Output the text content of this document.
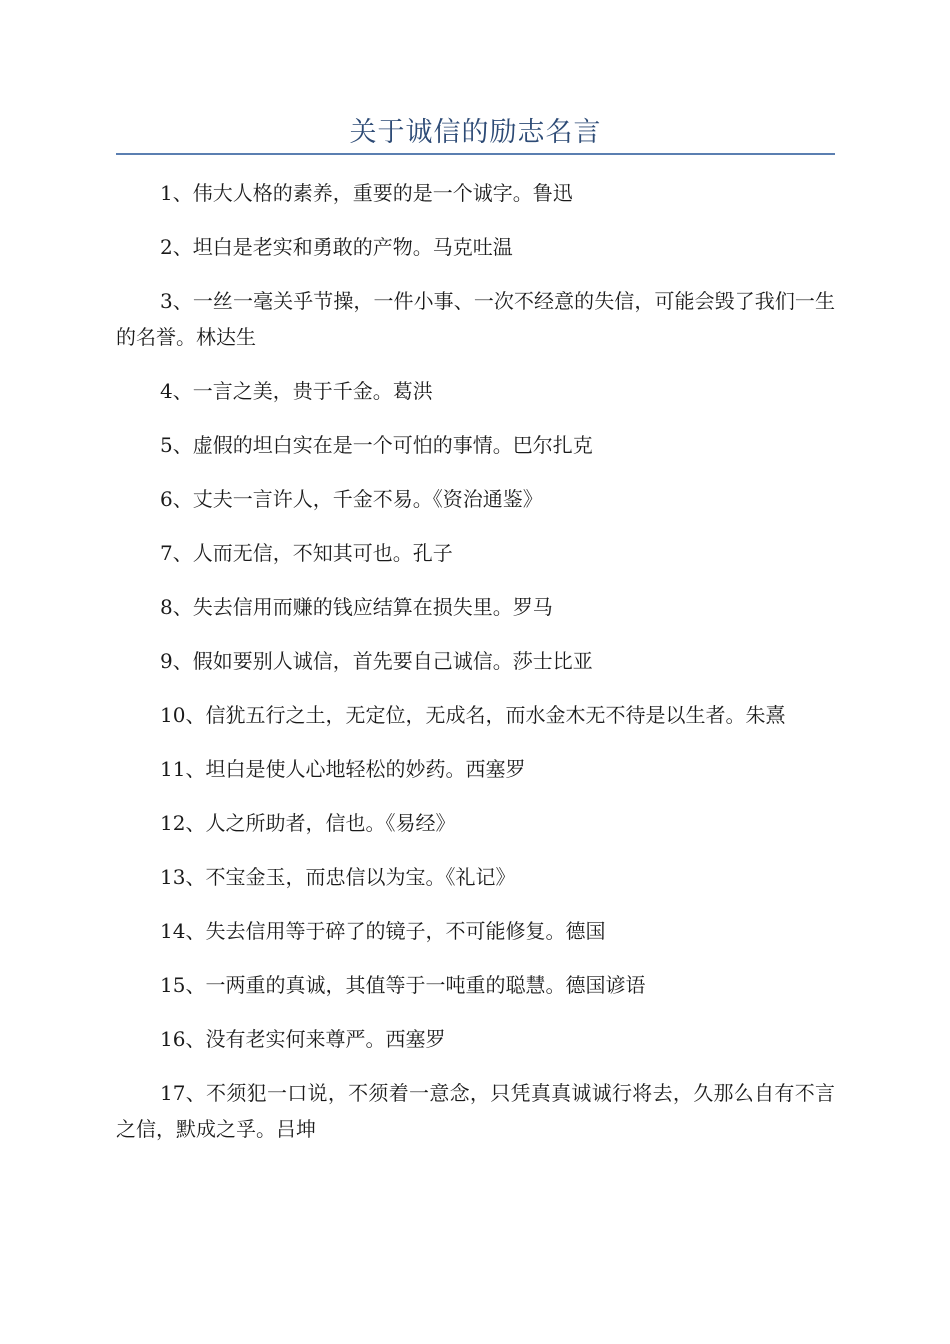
关于诚信的励志名言

1、伟大人格的素养，重要的是一个诚字。鲁迅

2、坦白是老实和勇敢的产物。马克吐温

3、一丝一毫关乎节操，一件小事、一次不经意的失信，可能会毁了我们一生的名誉。林达生

4、一言之美，贵于千金。葛洪

5、虚假的坦白实在是一个可怕的事情。巴尔扎克

6、丈夫一言许人，千金不易。《资治通鉴》

7、人而无信，不知其可也。孔子

8、失去信用而赚的钱应结算在损失里。罗马

9、假如要别人诚信，首先要自己诚信。莎士比亚

10、信犹五行之土，无定位，无成名，而水金木无不待是以生者。朱熹

11、坦白是使人心地轻松的妙药。西塞罗

12、人之所助者，信也。《易经》

13、不宝金玉，而忠信以为宝。《礼记》

14、失去信用等于碎了的镜子，不可能修复。德国

15、一两重的真诚，其值等于一吨重的聪慧。德国谚语

16、没有老实何来尊严。西塞罗

17、不须犯一口说，不须着一意念，只凭真真诚诚行将去，久那么自有不言之信，默成之孚。吕坤
